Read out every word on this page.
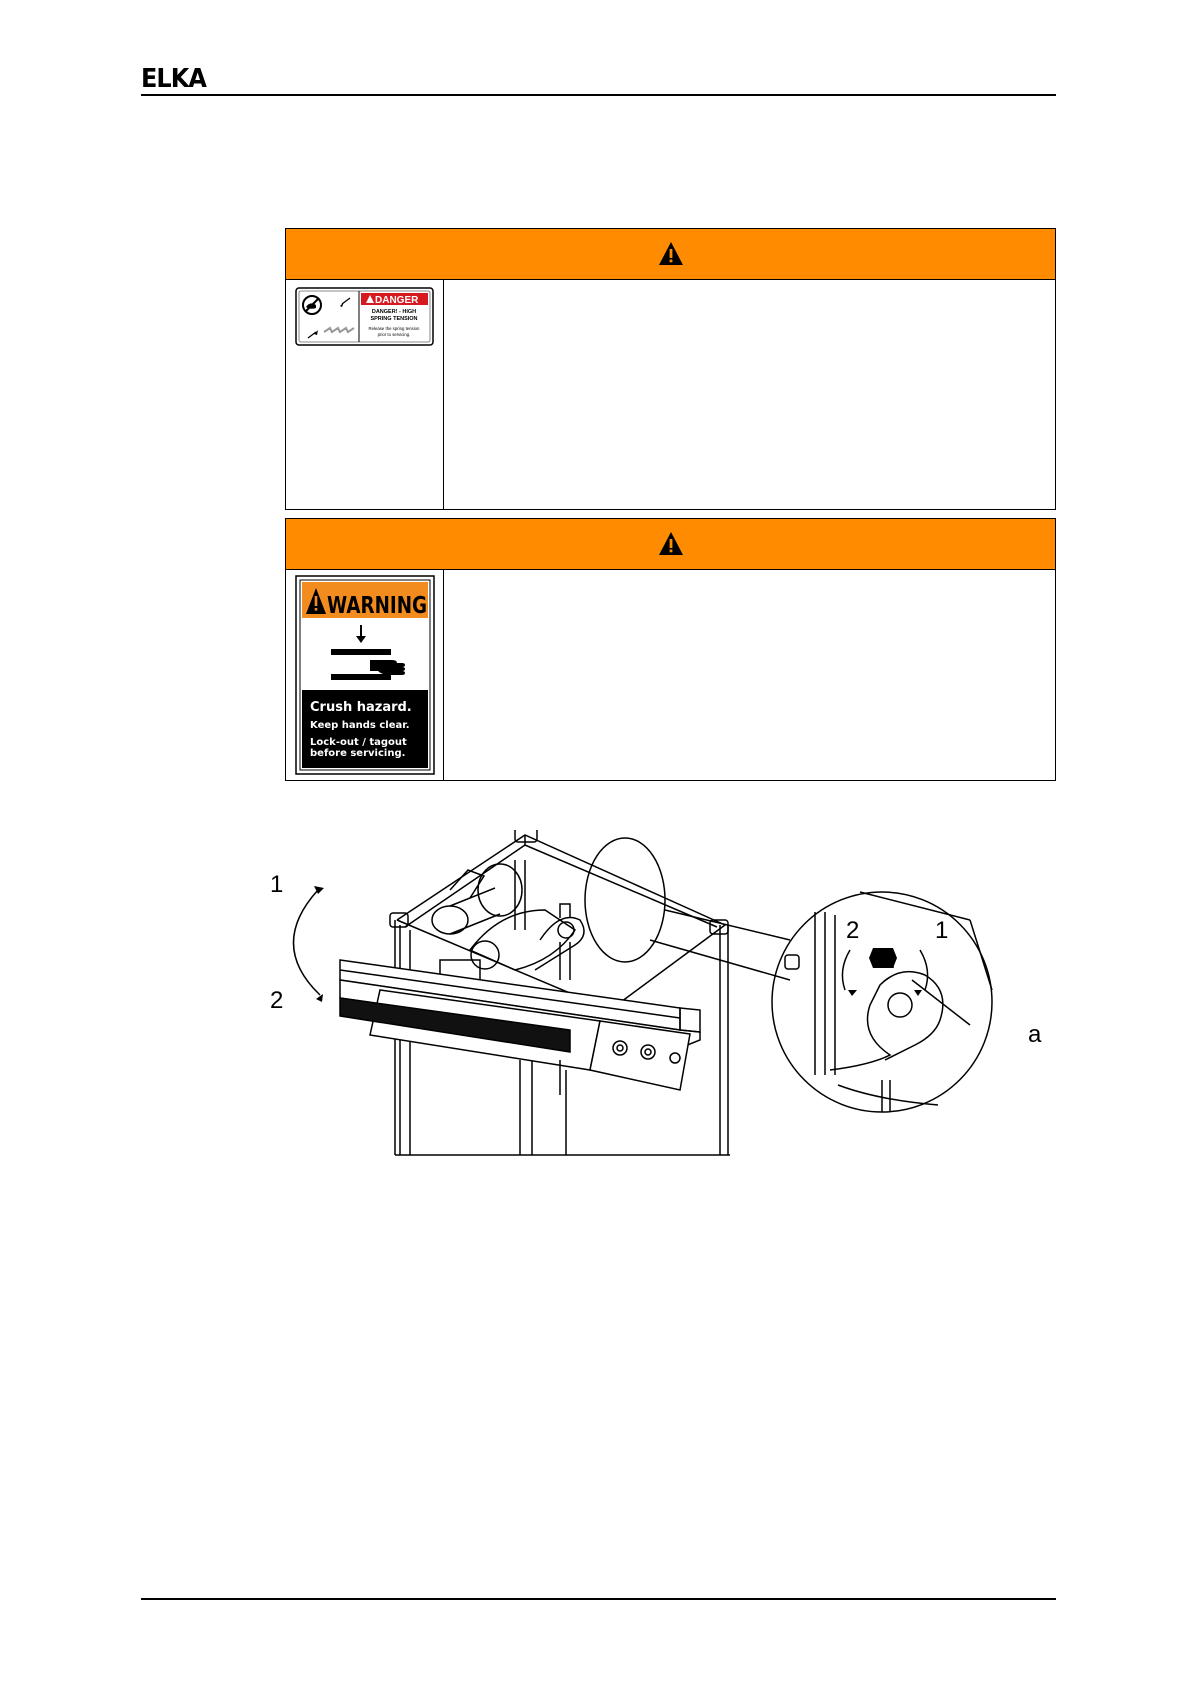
ELKA
DANGER
DANGER! - HIGH
SPRING TENSION
Release the spring tension
prior to servicing.
WARNING
Crush hazard.
Keep hands clear.
Lock-out / tagout
before servicing.
1
2
2	1
a
